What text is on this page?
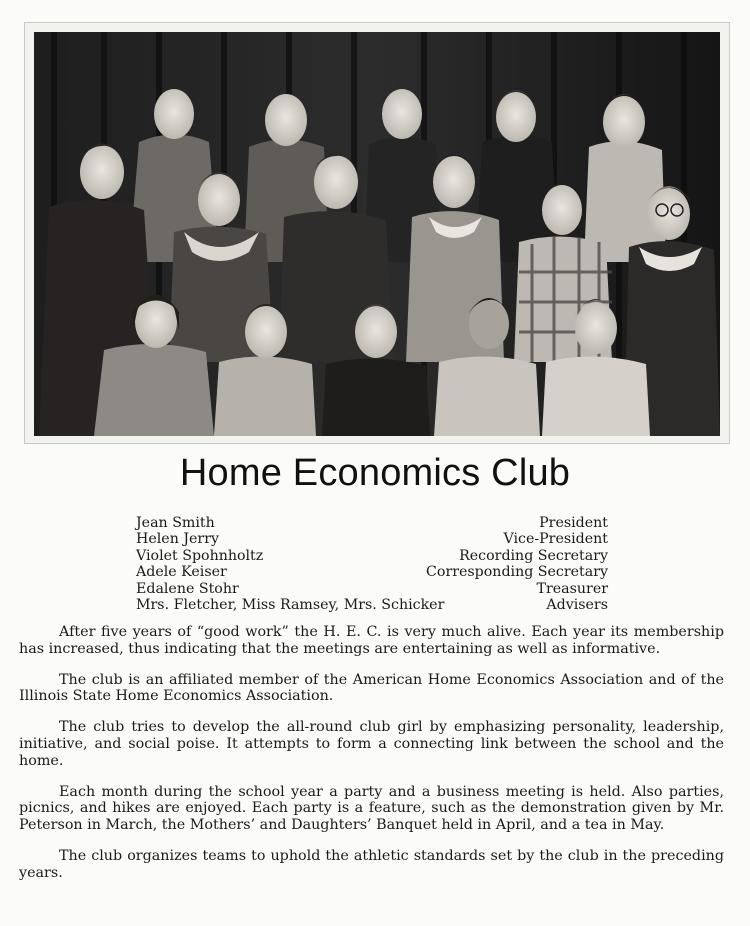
Home Economics Club
Jean Smith	President
Helen Jerry	Vice-President
Violet Spohnholtz	Recording Secretary
Adele Keiser	Corresponding Secretary
Edalene Stohr	Treasurer
Mrs. Fletcher, Miss Ramsey, Mrs. Schicker	Advisers

After five years of “good work” the H. E. C. is very much alive. Each year its membership has increased, thus indicating that the meetings are entertaining as well as informative.

The club is an affiliated member of the American Home Economics Association and of the Illinois State Home Economics Association.

The club tries to develop the all-round club girl by emphasizing personality, leadership, initiative, and social poise. It attempts to form a connecting link between the school and the home.

Each month during the school year a party and a business meeting is held. Also parties, picnics, and hikes are enjoyed. Each party is a feature, such as the demonstration given by Mr. Peterson in March, the Mothers’ and Daughters’ Banquet held in April, and a tea in May.

The club organizes teams to uphold the athletic standards set by the club in the preceding years.
